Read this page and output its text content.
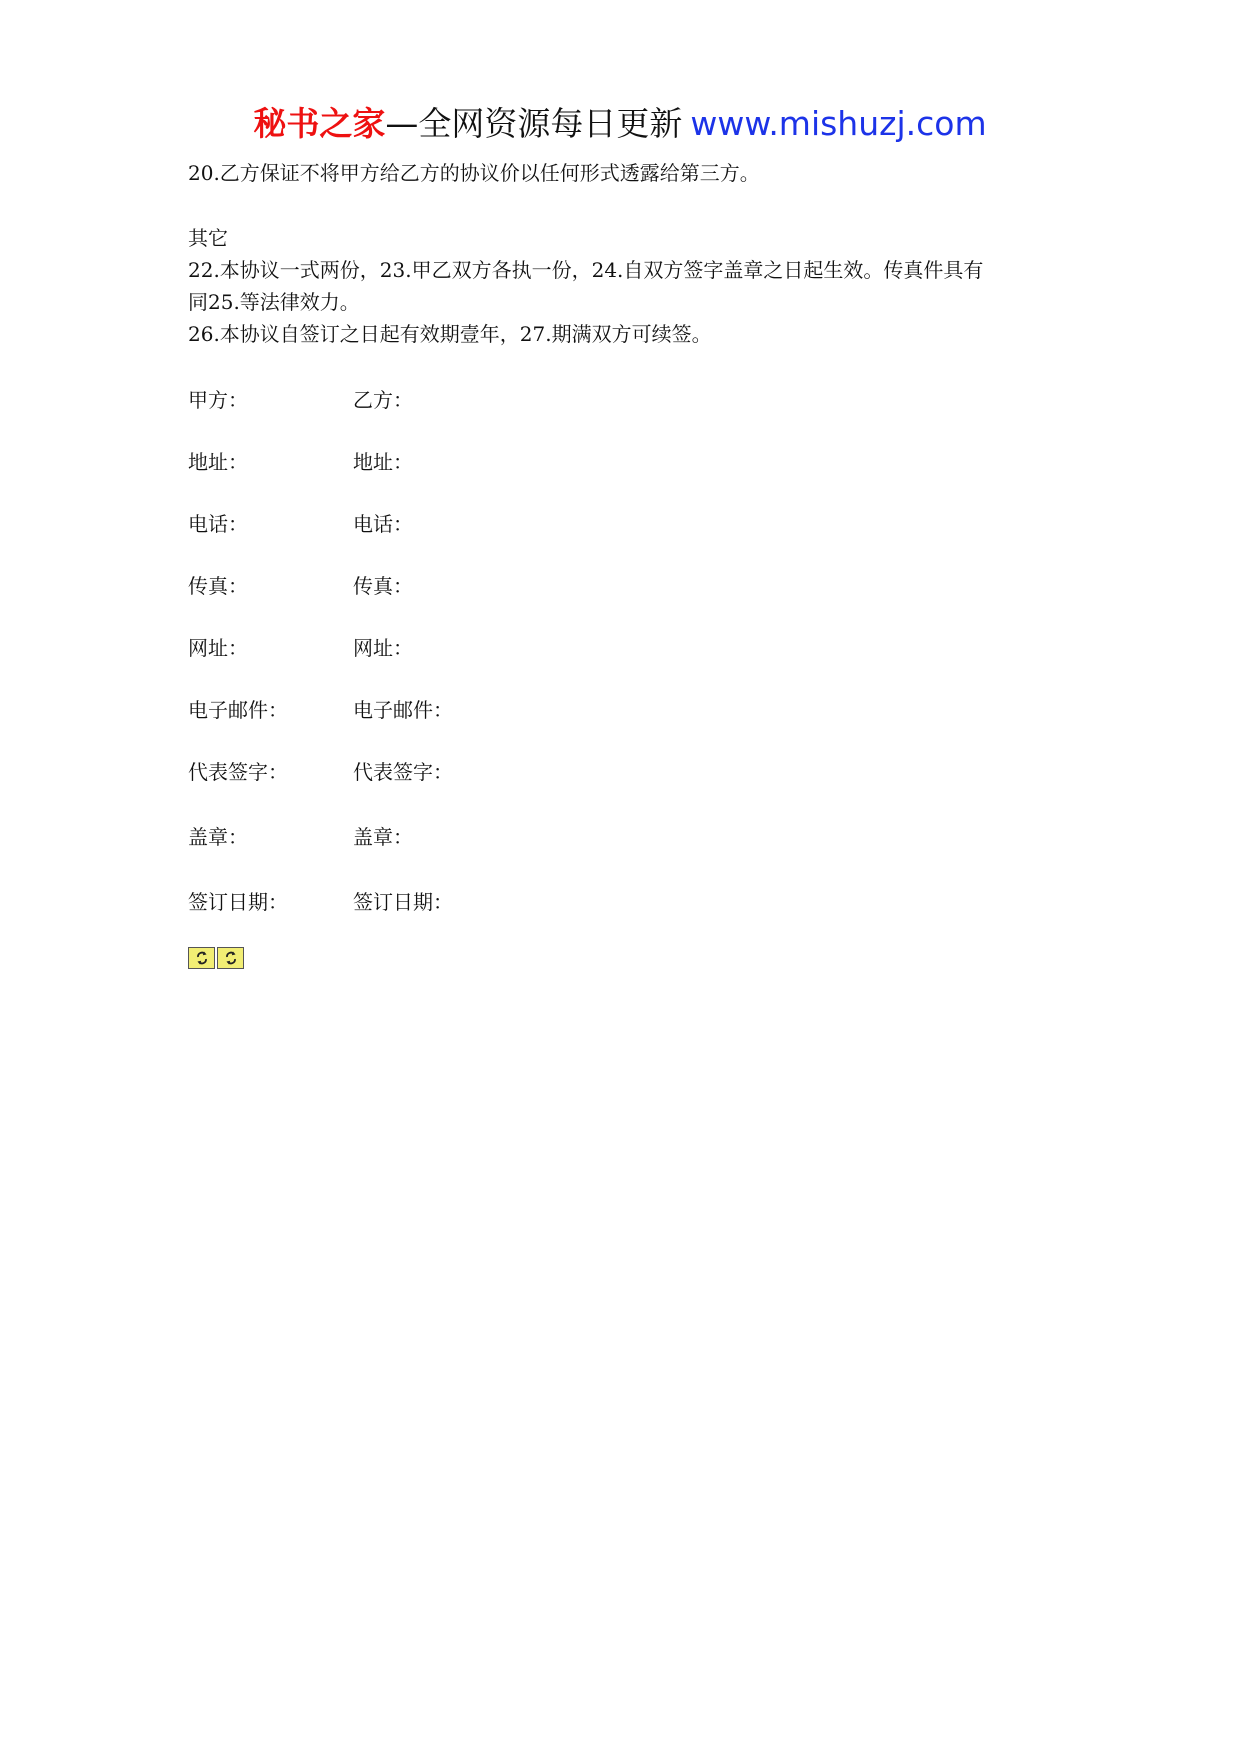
秘书之家—全网资源每日更新 www.mishuzj.com
20.乙方保证不将甲方给乙方的协议价以任何形式透露给第三方。
其它
22.本协议一式两份，23.甲乙双方各执一份，24.自双方签字盖章之日起生效。传真件具有
同25.等法律效力。
26.本协议自签订之日起有效期壹年，27.期满双方可续签。
甲方：	乙方：
地址：	地址：
电话：	电话：
传真：	传真：
网址：	网址：
电子邮件：	电子邮件：
代表签字：	代表签字：
盖章：	盖章：
签订日期：	签订日期：
